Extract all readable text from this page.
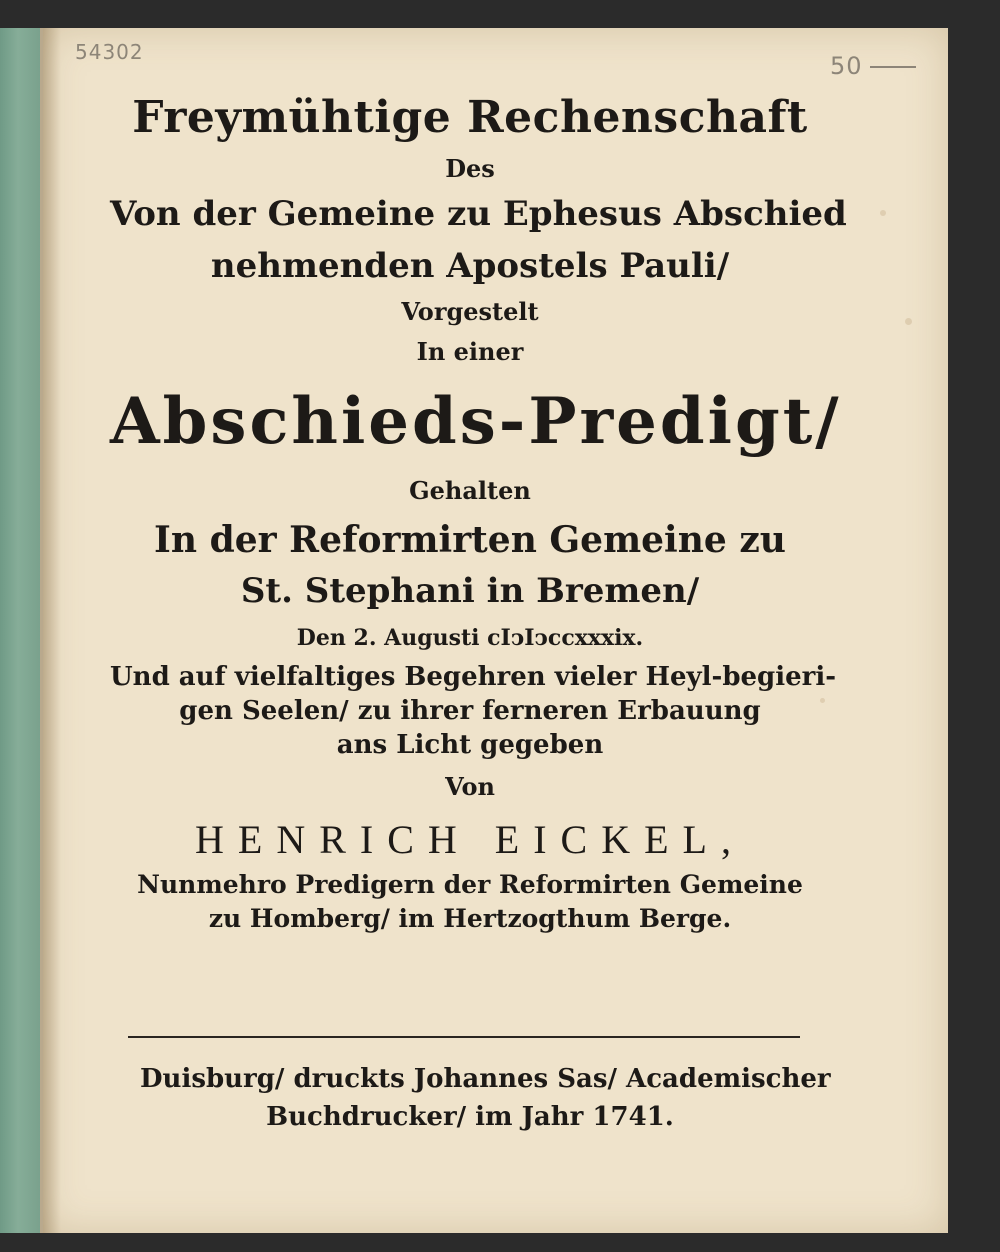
54302	50
Freymühtige Rechenschaft
Des
Von der Gemeine zu Ephesus Abschied
nehmenden Apostels Pauli/
Vorgestelt
In einer
Abschieds-Predigt/
Gehalten
In der Reformirten Gemeine zu
St. Stephani in Bremen/
Den 2. Augusti cIↄIↄccxxxix.
Und auf vielfaltiges Begehren vieler Heyl-begieri-
gen Seelen/ zu ihrer ferneren Erbauung
ans Licht gegeben
Von
HENRICH EICKEL,
Nunmehro Predigern der Reformirten Gemeine
zu Homberg/ im Hertzogthum Berge.
Duisburg/ druckts Johannes Sas/ Academischer
Buchdrucker/ im Jahr 1741.
